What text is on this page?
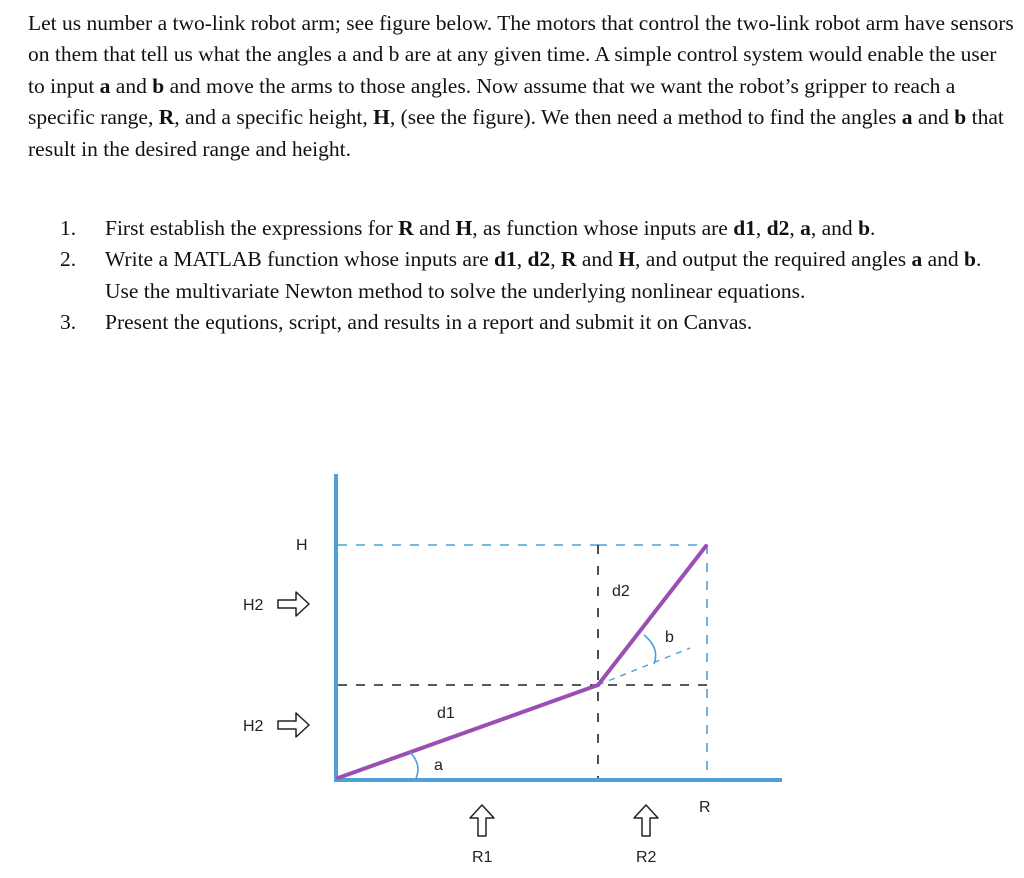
Let us number a two-link robot arm; see figure below. The motors that control the two-link robot arm have sensors on them that tell us what the angles a and b are at any given time. A simple control system would enable the user to input a and b and move the arms to those angles. Now assume that we want the robot’s gripper to reach a specific range, R, and a specific height, H, (see the figure). We then need a method to find the angles a and b that result in the desired range and height.

1.	First establish the expressions for R and H, as function whose inputs are d1, d2, a, and b.
2.	Write a MATLAB function whose inputs are d1, d2, R and H, and output the required angles a and b. Use the multivariate Newton method to solve the underlying nonlinear equations.
3.	Present the equtions, script, and results in a report and submit it on Canvas.
H
H2
H2
d1
d2
a
b
R
R1	R2
